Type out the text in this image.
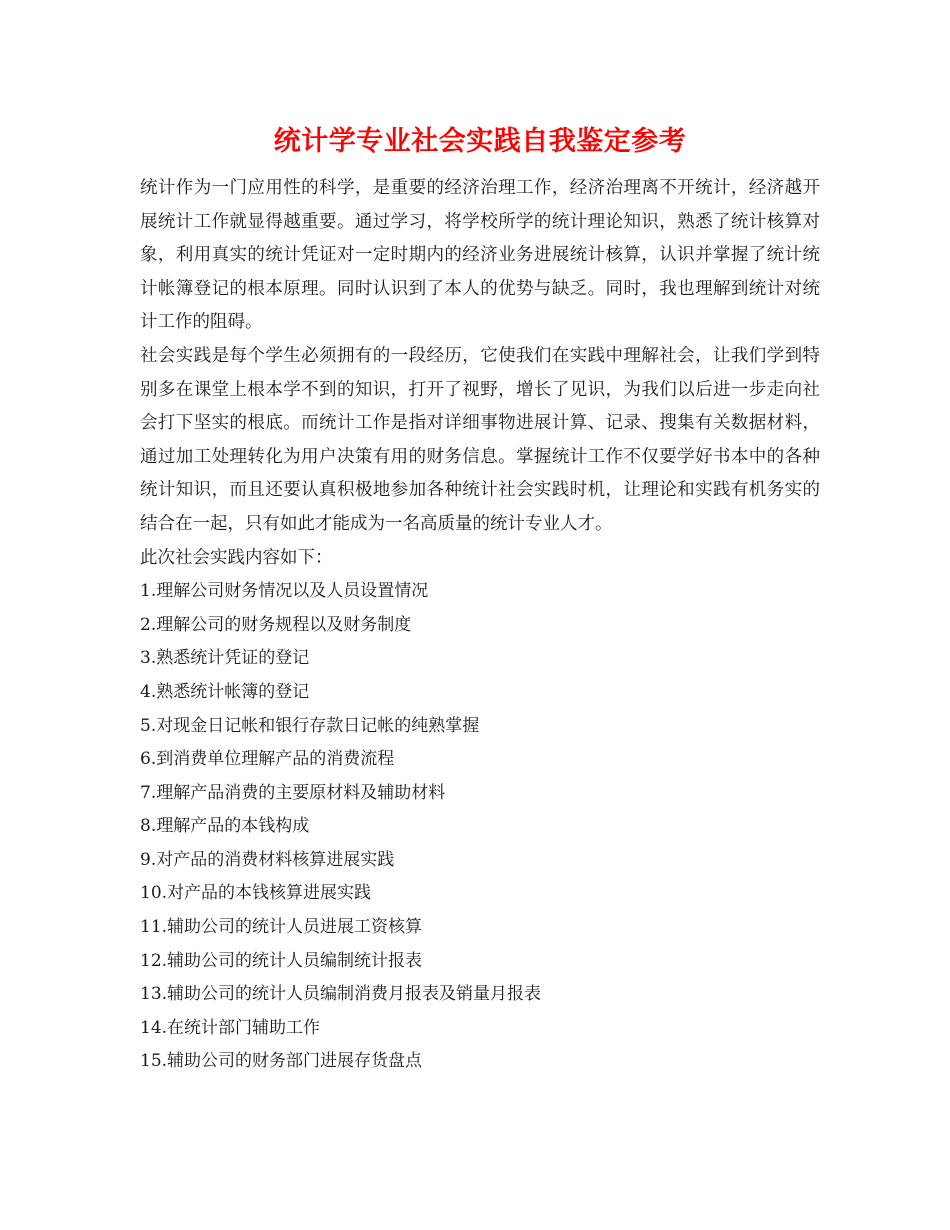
统计学专业社会实践自我鉴定参考

统计作为一门应用性的科学，是重要的经济治理工作，经济治理离不开统计，经济越开展统计工作就显得越重要。通过学习，将学校所学的统计理论知识，熟悉了统计核算对象，利用真实的统计凭证对一定时期内的经济业务进展统计核算，认识并掌握了统计统计帐簿登记的根本原理。同时认识到了本人的优势与缺乏。同时，我也理解到统计对统计工作的阻碍。

社会实践是每个学生必须拥有的一段经历，它使我们在实践中理解社会，让我们学到特别多在课堂上根本学不到的知识，打开了视野，增长了见识，为我们以后进一步走向社会打下坚实的根底。而统计工作是指对详细事物进展计算、记录、搜集有关数据材料，通过加工处理转化为用户决策有用的财务信息。掌握统计工作不仅要学好书本中的各种统计知识，而且还要认真积极地参加各种统计社会实践时机，让理论和实践有机务实的结合在一起，只有如此才能成为一名高质量的统计专业人才。

此次社会实践内容如下：

1.理解公司财务情况以及人员设置情况
2.理解公司的财务规程以及财务制度
3.熟悉统计凭证的登记
4.熟悉统计帐簿的登记
5.对现金日记帐和银行存款日记帐的纯熟掌握
6.到消费单位理解产品的消费流程
7.理解产品消费的主要原材料及辅助材料
8.理解产品的本钱构成
9.对产品的消费材料核算进展实践
10.对产品的本钱核算进展实践
11.辅助公司的统计人员进展工资核算
12.辅助公司的统计人员编制统计报表
13.辅助公司的统计人员编制消费月报表及销量月报表
14.在统计部门辅助工作
15.辅助公司的财务部门进展存货盘点
